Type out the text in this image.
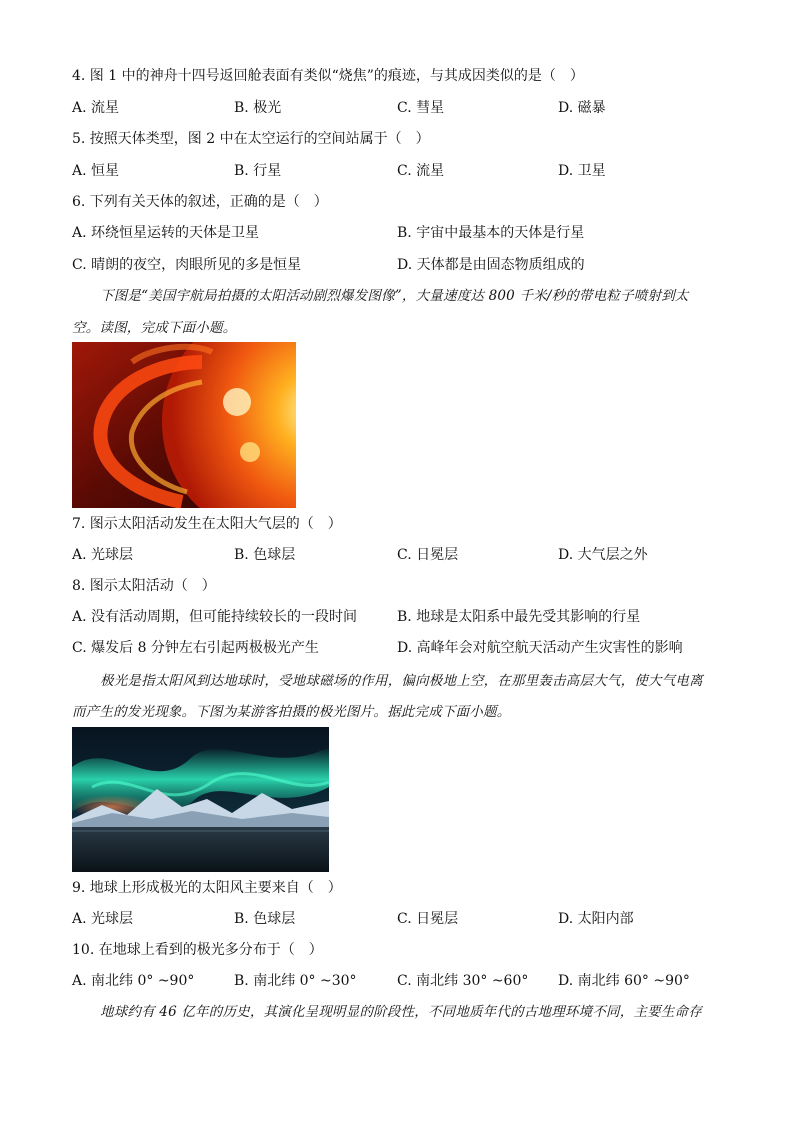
4. 图 1 中的神舟十四号返回舱表面有类似“烧焦”的痕迹，与其成因类似的是（　）
A. 流星	B. 极光	C. 彗星	D. 磁暴
5. 按照天体类型，图 2 中在太空运行的空间站属于（　）
A. 恒星	B. 行星	C. 流星	D. 卫星
6. 下列有关天体的叙述，正确的是（　）
A. 环绕恒星运转的天体是卫星	B. 宇宙中最基本的天体是行星
C. 晴朗的夜空，肉眼所见的多是恒星	D. 天体都是由固态物质组成的
下图是“美国宇航局拍摄的太阳活动剧烈爆发图像”，大量速度达 800 千米/秒的带电粒子喷射到太
空。读图，完成下面小题。
7. 图示太阳活动发生在太阳大气层的（　）
A. 光球层	B. 色球层	C. 日冕层	D. 大气层之外
8. 图示太阳活动（　）
A. 没有活动周期，但可能持续较长的一段时间	B. 地球是太阳系中最先受其影响的行星
C. 爆发后 8 分钟左右引起两极极光产生	D. 高峰年会对航空航天活动产生灾害性的影响
极光是指太阳风到达地球时，受地球磁场的作用，偏向极地上空，在那里轰击高层大气，使大气电离
而产生的发光现象。下图为某游客拍摄的极光图片。据此完成下面小题。
9. 地球上形成极光的太阳风主要来自（　）
A. 光球层	B. 色球层	C. 日冕层	D. 太阳内部
10. 在地球上看到的极光多分布于（　）
A. 南北纬 0° ~90°	B. 南北纬 0° ~30°	C. 南北纬 30° ~60° D. 南北纬 60° ~90°
地球约有 46 亿年的历史，其演化呈现明显的阶段性，不同地质年代的古地理环境不同，主要生命存
